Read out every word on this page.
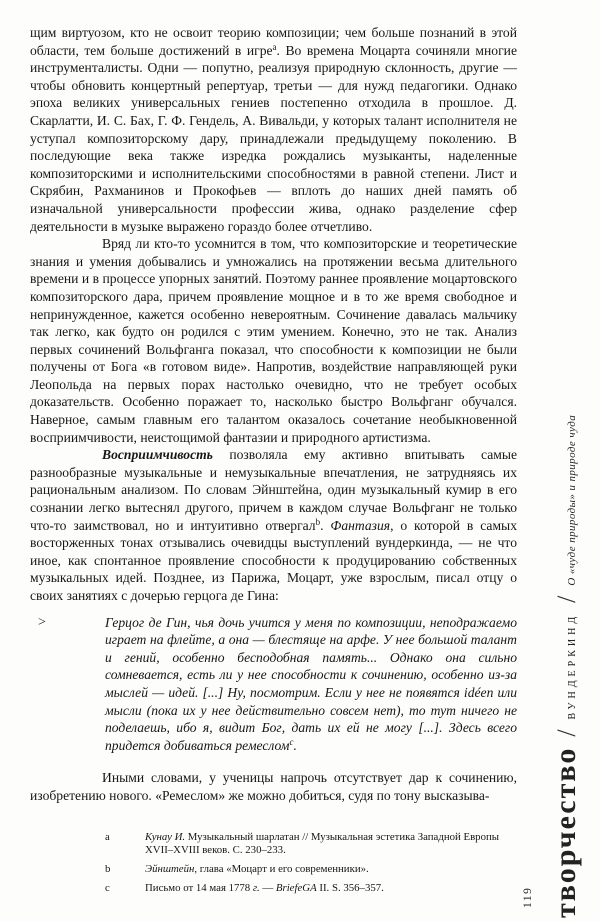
щим виртуозом, кто не освоит теорию композиции; чем больше познаний в этой области, тем больше достижений в игре$^a$. Во времена Моцарта сочиняли многие инструменталисты. Одни — попутно, реализуя природную склонность, другие — чтобы обновить концертный репертуар, третьи — для нужд педагогики. Однако эпоха великих универсальных гениев постепенно отходила в прошлое. Д. Скарлатти, И. С. Бах, Г. Ф. Гендель, А. Вивальди, у которых талант исполнителя не уступал композиторскому дару, принадлежали предыдущему поколению. В последующие века также изредка рождались музыканты, наделенные композиторскими и исполнительскими способностями в равной степени. Лист и Скрябин, Рахманинов и Прокофьев — вплоть до наших дней память об изначальной универсальности профессии жива, однако разделение сфер деятельности в музыке выражено гораздо более отчетливо.

Вряд ли кто-то усомнится в том, что композиторские и теоретические знания и умения добывались и умножались на протяжении весьма длительного времени и в процессе упорных занятий. Поэтому раннее проявление моцартовского композиторского дара, причем проявление мощное и в то же время свободное и непринужденное, кажется особенно невероятным. Сочинение давалась мальчику так легко, как будто он родился с этим умением. Конечно, это не так. Анализ первых сочинений Вольфганга показал, что способности к композиции не были получены от Бога «в готовом виде». Напротив, воздействие направляющей руки Леопольда на первых порах настолько очевидно, что не требует особых доказательств. Особенно поражает то, насколько быстро Вольфганг обучался. Наверное, самым главным его талантом оказалось сочетание необыкновенной восприимчивости, неистощимой фантазии и природного артистизма.

Восприимчивость позволяла ему активно впитывать самые разнообразные музыкальные и немузыкальные впечатления, не затрудняясь их рациональным анализом. По словам Эйнштейна, один музыкальный кумир в его сознании легко вытеснял другого, причем в каждом случае Вольфганг не только что-то заимствовал, но и интуитивно отвергал$^b$. Фантазия, о которой в самых восторженных тонах отзывались очевидцы выступлений вундеркинда, — не что иное, как спонтанное проявление способности к продуцированию собственных музыкальных идей. Позднее, из Парижа, Моцарт, уже взрослым, писал отцу о своих занятиях с дочерью герцога де Гина:

>	Герцог де Гин, чья дочь учится у меня по композиции, неподражаемо играет на флейте, а она — блестяще на арфе. У нее большой талант и гений, особенно бесподобная память... Однако она сильно сомневается, есть ли у нее способности к сочинению, особенно из-за мыслей — идей. [...] Ну, посмотрим. Если у нее не появятся idéen или мысли (пока их у нее действительно совсем нет), то тут ничего не поделаешь, ибо я, видит Бог, дать их ей не могу [...]. Здесь всего придется добиваться ремеслом$^c$.

Иными словами, у ученицы напрочь отсутствует дар к сочинению, изобретению нового. «Ремеслом» же можно добиться, судя по тону высказыва-

a	Кунау И. Музыкальный шарлатан // Музыкальная эстетика Западной Европы XVII–XVIII веков. С. 230–233.
b	Эйнштейн, глава «Моцарт и его современники».
c	Письмо от 14 мая 1778 г. — BriefeGA II. S. 356–357.	творчество
/
ВУНДЕРКИНД
/
О «чуде природы» и природе чуда
119
